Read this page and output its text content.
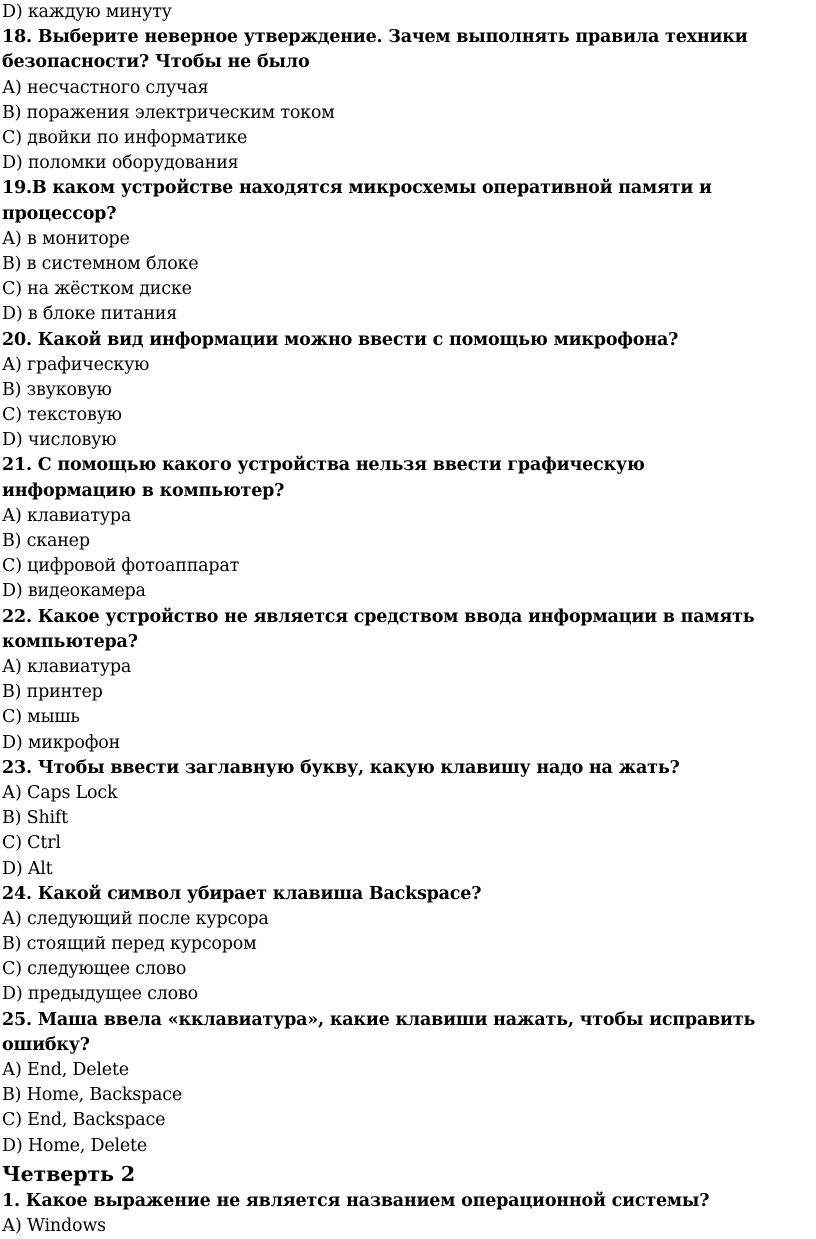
D) каждую минуту
18. Выберите неверное утверждение. Зачем выполнять правила техники безопасности? Чтобы не было
А) несчастного случая
В) поражения электрическим током
С) двойки по информатике
D) поломки оборудования
19.В каком устройстве находятся микросхемы оперативной памяти и процессор?
А) в мониторе
В) в системном блоке
С) на жёстком диске
D) в блоке питания
20. Какой вид информации можно ввести с помощью микрофона?
А) графическую
В) звуковую
С) текстовую
D) числовую
21. С помощью какого устройства нельзя ввести графическую информацию в компьютер?
А) клавиатура
В) сканер
С) цифровой фотоаппарат
D) видеокамера
22. Какое устройство не является средством ввода информации в память компьютера?
А) клавиатура
В) принтер
С) мышь
D) микрофон
23. Чтобы ввести заглавную букву, какую клавишу надо на жать?
А) Caps Lock
B) Shift
C) Ctrl
D) Alt
24. Какой символ убирает клавиша Backspace?
А) следующий после курсора
В) стоящий перед курсором
С) следующее слово
D) предыдущее слово
25. Маша ввела «кклавиатура», какие клавиши нажать, чтобы исправить ошибку?
А) End, Delete
В) Home, Backspace
С) End, Backspace
D) Home, Delete
Четверть 2
1. Какое выражение не является названием операционной системы?
А) Windows
